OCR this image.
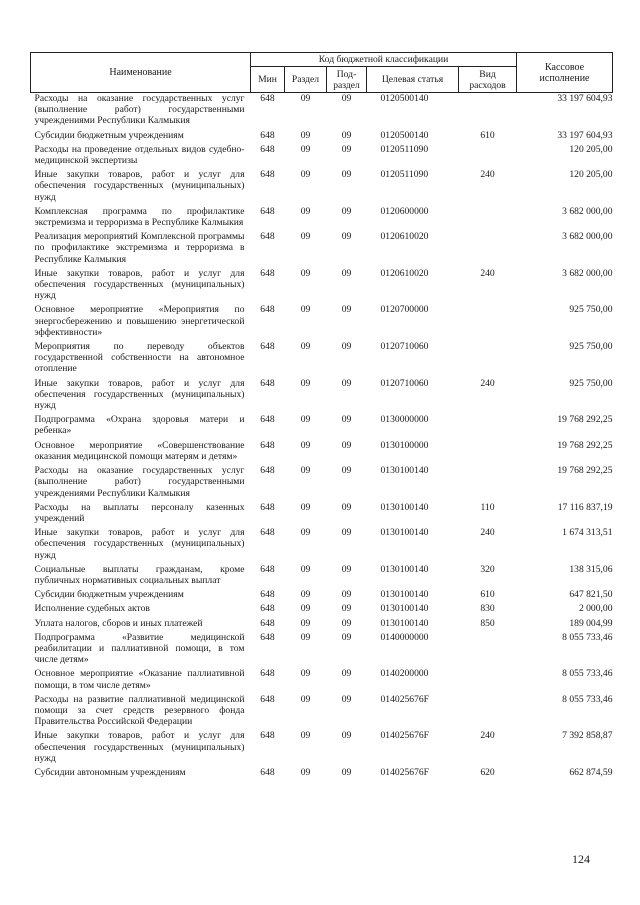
Наименование	Код бюджетной классификации					Кассовое исполнение
	Мин	Раздел	Под-раздел	Целевая статья	Вид расходов	
Расходы на оказание государственных услуг (выполнение работ) государственными учреждениями Республики Калмыкия	648	09	09	0120500140		33 197 604,93
Субсидии бюджетным учреждениям	648	09	09	0120500140	610	33 197 604,93
Расходы на проведение отдельных видов судебно-медицинской экспертизы	648	09	09	0120511090		120 205,00
Иные закупки товаров, работ и услуг для обеспечения государственных (муниципальных) нужд	648	09	09	0120511090	240	120 205,00
Комплексная программа по профилактике экстремизма и терроризма в Республике Калмыкия	648	09	09	0120600000		3 682 000,00
Реализация мероприятий Комплексной программы по профилактике экстремизма и терроризма в Республике Калмыкия	648	09	09	0120610020		3 682 000,00
Иные закупки товаров, работ и услуг для обеспечения государственных (муниципальных) нужд	648	09	09	0120610020	240	3 682 000,00
Основное мероприятие «Мероприятия по энергосбережению и повышению энергетической эффективности»	648	09	09	0120700000		925 750,00
Мероприятия по переводу объектов государственной собственности на автономное отопление	648	09	09	0120710060		925 750,00
Иные закупки товаров, работ и услуг для обеспечения государственных (муниципальных) нужд	648	09	09	0120710060	240	925 750,00
Подпрограмма «Охрана здоровья матери и ребенка»	648	09	09	0130000000		19 768 292,25
Основное мероприятие «Совершенствование оказания медицинской помощи матерям и детям»	648	09	09	0130100000		19 768 292,25
Расходы на оказание государственных услуг (выполнение работ) государственными учреждениями Республики Калмыкия	648	09	09	0130100140		19 768 292,25
Расходы на выплаты персоналу казенных учреждений	648	09	09	0130100140	110	17 116 837,19
Иные закупки товаров, работ и услуг для обеспечения государственных (муниципальных) нужд	648	09	09	0130100140	240	1 674 313,51
Социальные выплаты гражданам, кроме публичных нормативных социальных выплат	648	09	09	0130100140	320	138 315,06
Субсидии бюджетным учреждениям	648	09	09	0130100140	610	647 821,50
Исполнение судебных актов	648	09	09	0130100140	830	2 000,00
Уплата налогов, сборов и иных платежей	648	09	09	0130100140	850	189 004,99
Подпрограмма «Развитие медицинской реабилитации и паллиативной помощи, в том числе детям»	648	09	09	0140000000		8 055 733,46
Основное мероприятие «Оказание паллиативной помощи, в том числе детям»	648	09	09	0140200000		8 055 733,46
Расходы на развитие паллиативной медицинской помощи за счет средств резервного фонда Правительства Российской Федерации	648	09	09	014025676F		8 055 733,46
Иные закупки товаров, работ и услуг для обеспечения государственных (муниципальных) нужд	648	09	09	014025676F	240	7 392 858,87
Субсидии автономным учреждениям	648	09	09	014025676F	620	662 874,59
124
